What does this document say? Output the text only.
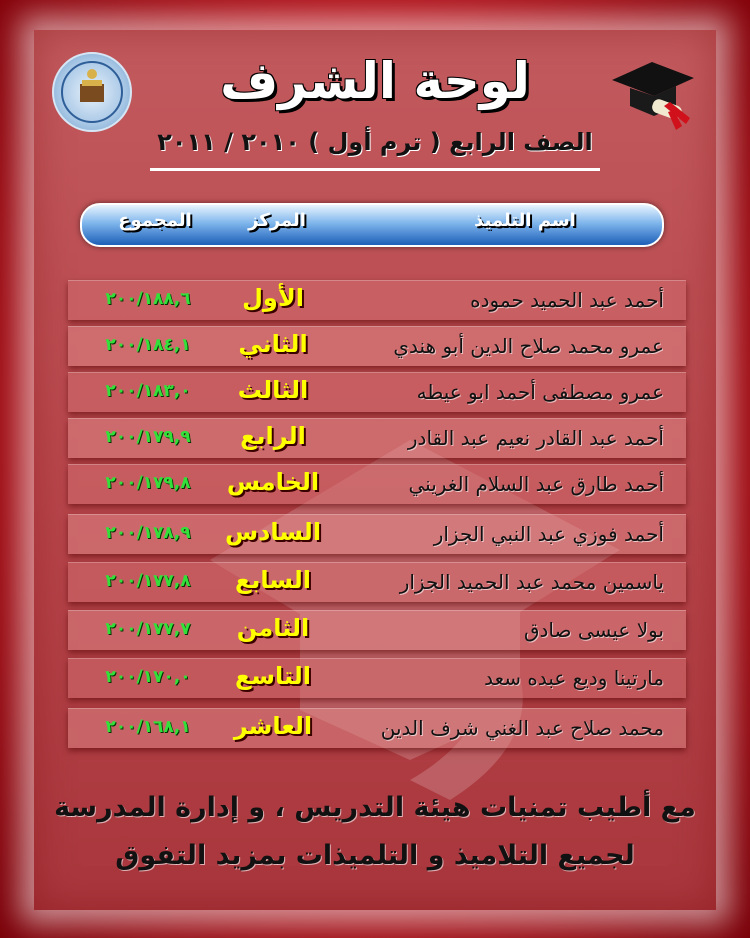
لوحة الشرف
الصف الرابع ( ترم أول ) ٢٠١٠ / ٢٠١١
اسم التلميذ
المركز
المجموع
أحمد عبد الحميد حموده
الأول
٢٠٠/١٨٨,٦
عمرو محمد صلاح الدين أبو هندي
الثاني
٢٠٠/١٨٤,١
عمرو مصطفى أحمد ابو عيطه
الثالث
٢٠٠/١٨٣,٠
أحمد عبد القادر نعيم عبد القادر
الرابع
٢٠٠/١٧٩,٩
أحمد طارق عبد السلام الغريني
الخامس
٢٠٠/١٧٩,٨
أحمد فوزي عبد النبي الجزار
السادس
٢٠٠/١٧٨,٩
ياسمين محمد عبد الحميد الجزار
السابع
٢٠٠/١٧٧,٨
بولا عيسى صادق
الثامن
٢٠٠/١٧٧,٧
مارتينا وديع عبده سعد
التاسع
٢٠٠/١٧٠,٠
محمد صلاح عبد الغني شرف الدين
العاشر
٢٠٠/١٦٨,١
مع أطيب تمنيات هيئة التدريس ، و إدارة المدرسة
لجميع التلاميذ و التلميذات بمزيد التفوق
